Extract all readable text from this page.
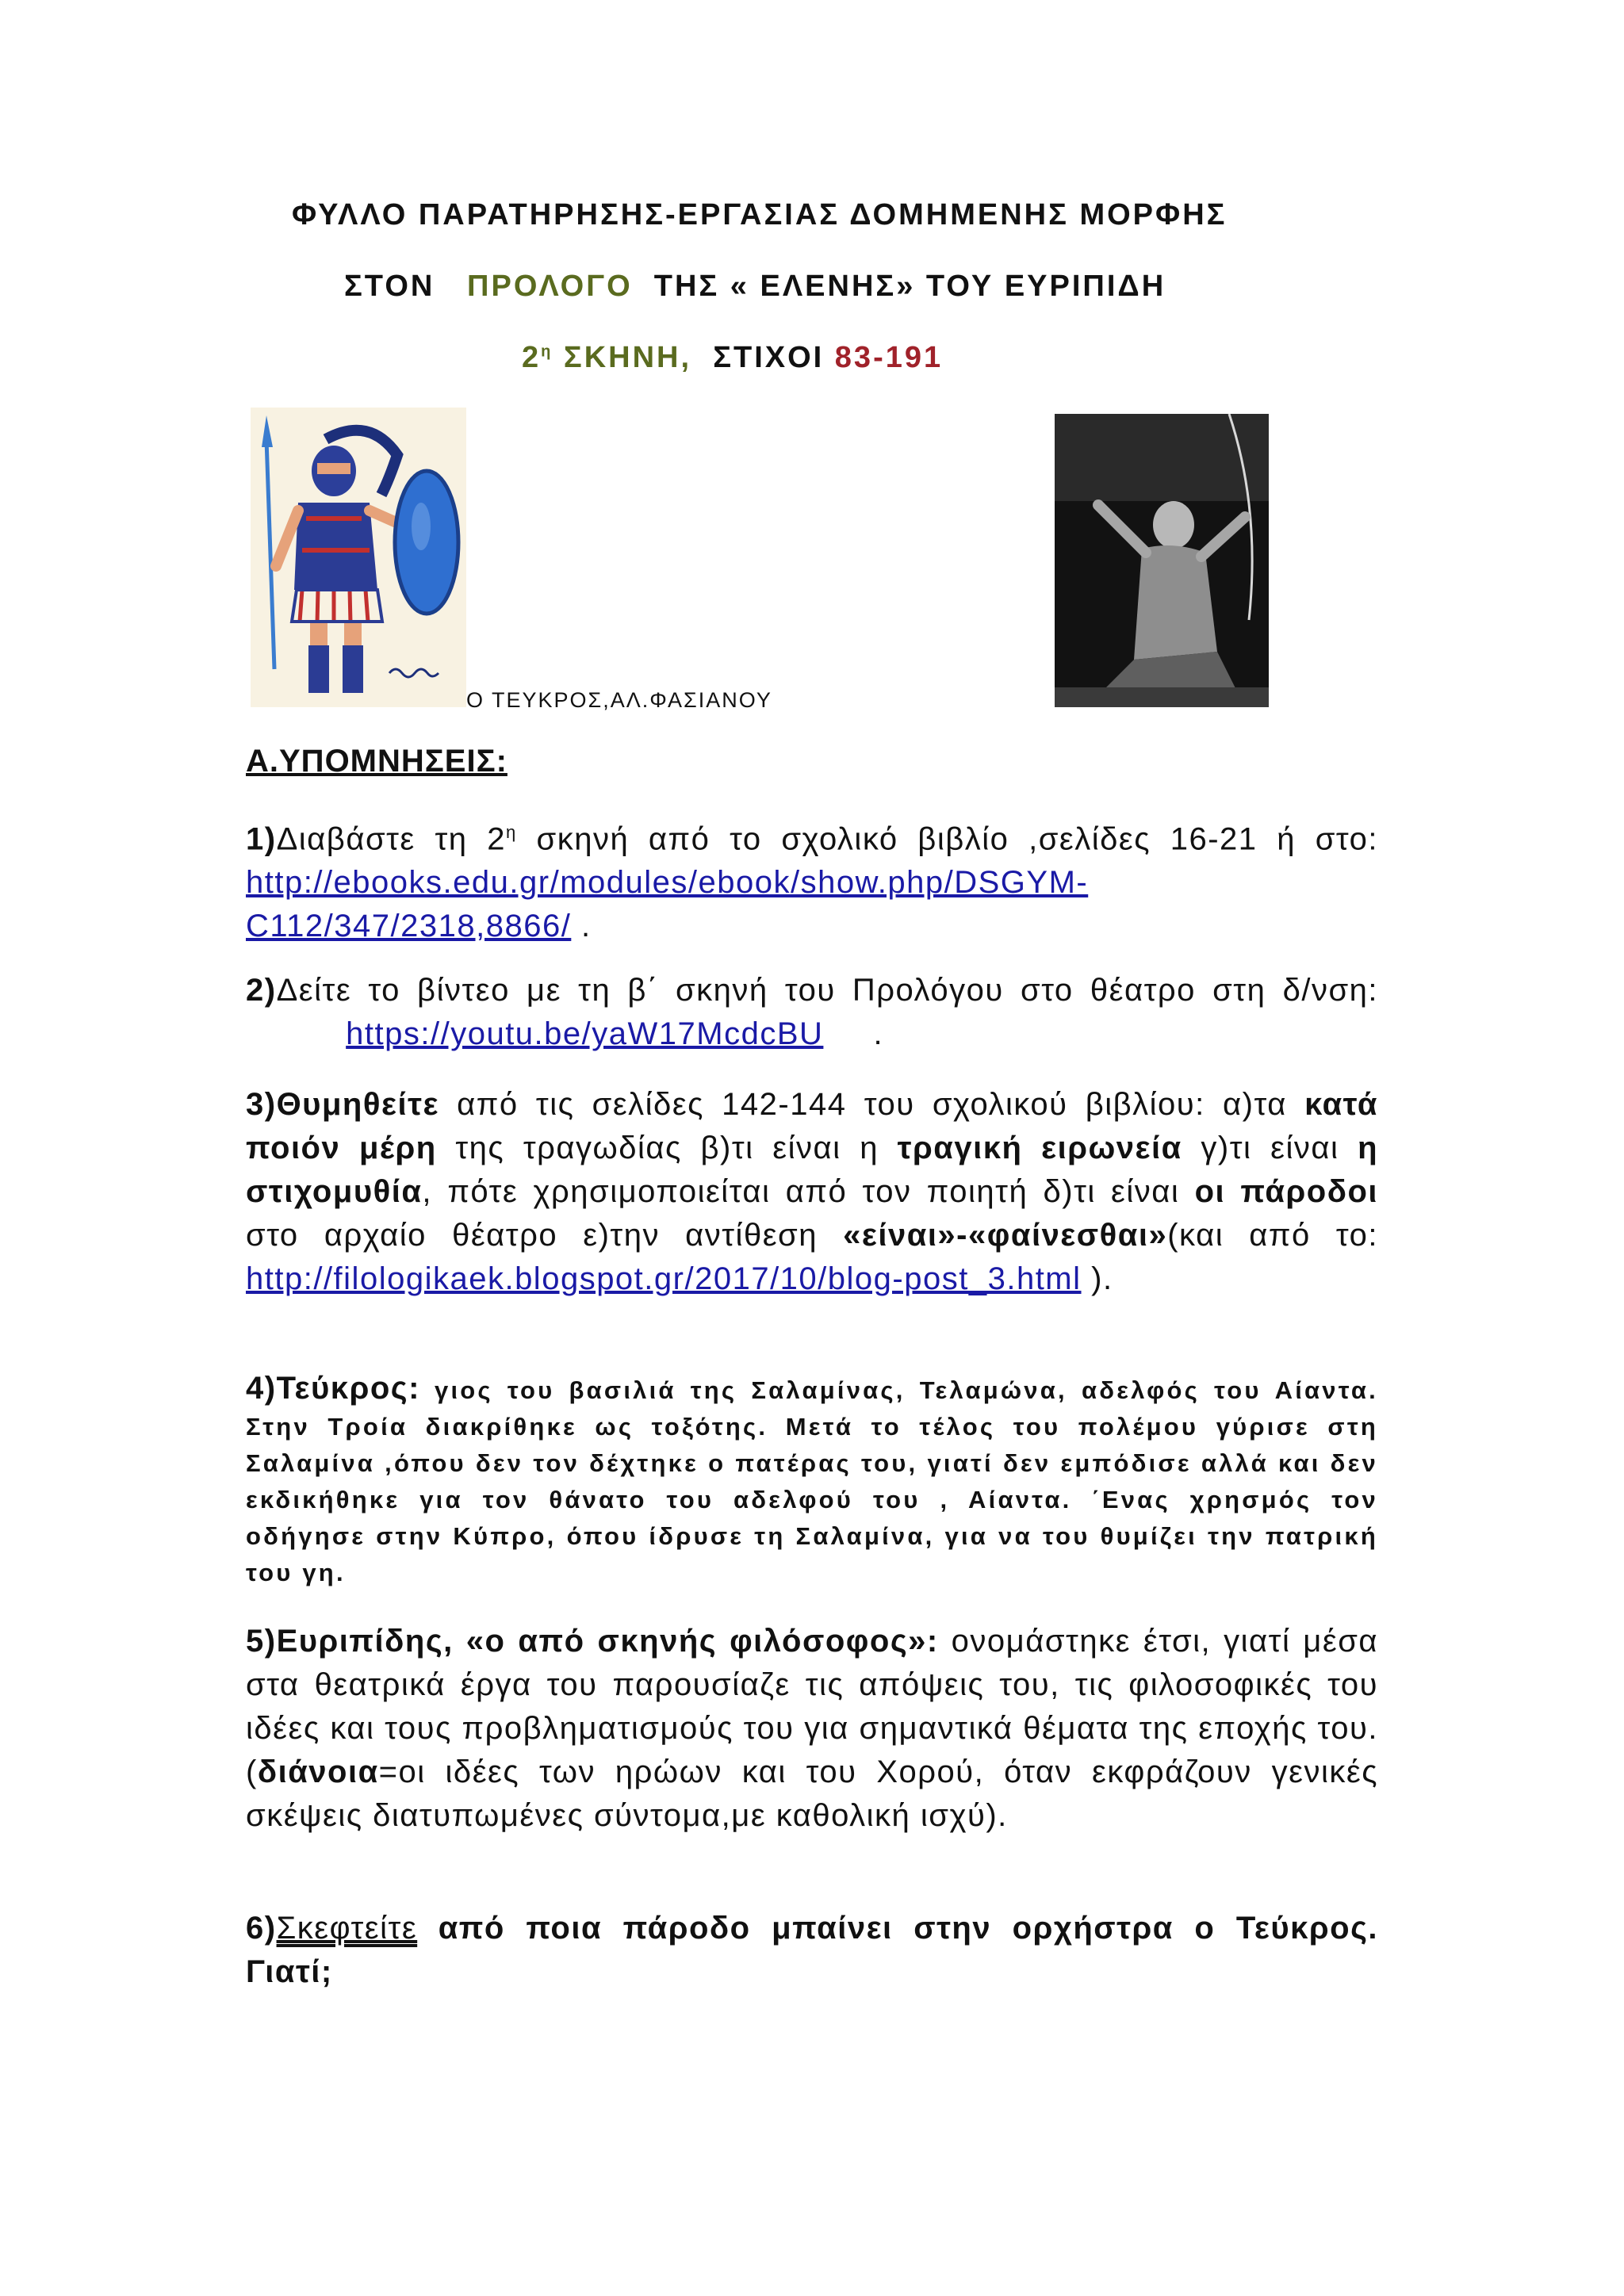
ΦΥΛΛΟ ΠΑΡΑΤΗΡΗΣΗΣ-ΕΡΓΑΣΙΑΣ ΔΟΜΗΜΕΝΗΣ ΜΟΡΦΗΣ
ΣΤΟΝ ΠΡΟΛΟΓΟ ΤΗΣ « ΕΛΕΝΗΣ» ΤΟΥ ΕΥΡΙΠΙΔΗ
$2^\eta$ ΣΚΗΝΗ, ΣΤΙΧΟΙ 83-191
Ο ΤΕΥΚΡΟΣ,ΑΛ.ΦΑΣΙΑΝΟΥ
Α.ΥΠΟΜΝΗΣΕΙΣ:

1)Διαβάστε τη $2^\eta$ σκηνή από το σχολικό βιβλίο ,σελίδες 16-21 ή στο: http://ebooks.edu.gr/modules/ebook/show.php/DSGYM-C112/347/2318,8866/ .

2)Δείτε το βίντεο με τη β΄ σκηνή του Προλόγου στο θέατρο στη δ/νση:           https://youtu.be/yaW17McdcBU     .

3)Θυμηθείτε από τις σελίδες 142-144 του σχολικού βιβλίου: α)τα κατά ποιόν μέρη της τραγωδίας β)τι είναι η τραγική ειρωνεία γ)τι είναι η στιχομυθία, πότε χρησιμοποιείται από τον ποιητή δ)τι είναι οι πάροδοι στο αρχαίο θέατρο ε)την αντίθεση «είναι»-«φαίνεσθαι»(και από το: http://filologikaek.blogspot.gr/2017/10/blog-post_3.html ).

4)Τεύκρος: γιος του βασιλιά της Σαλαμίνας, Τελαμώνα, αδελφός του Αίαντα. Στην Τροία διακρίθηκε ως τοξότης. Μετά το τέλος του πολέμου γύρισε στη Σαλαμίνα ,όπου δεν τον δέχτηκε ο πατέρας του, γιατί δεν εμπόδισε αλλά και δεν εκδικήθηκε για τον θάνατο του αδελφού του , Αίαντα. ΄Ενας χρησμός τον οδήγησε στην Κύπρο, όπου ίδρυσε τη Σαλαμίνα, για να του θυμίζει την πατρική του γη.

5)Ευριπίδης, «ο από σκηνής φιλόσοφος»: ονομάστηκε έτσι, γιατί μέσα στα θεατρικά έργα του παρουσίαζε τις απόψεις του, τις φιλοσοφικές του ιδέες και τους προβληματισμούς του για σημαντικά θέματα της εποχής του.(διάνοια=οι ιδέες των ηρώων και του Χορού, όταν εκφράζουν γενικές σκέψεις διατυπωμένες σύντομα,με καθολική ισχύ).

6)Σκεφτείτε από ποια πάροδο μπαίνει στην ορχήστρα ο Τεύκρος. Γιατί;
